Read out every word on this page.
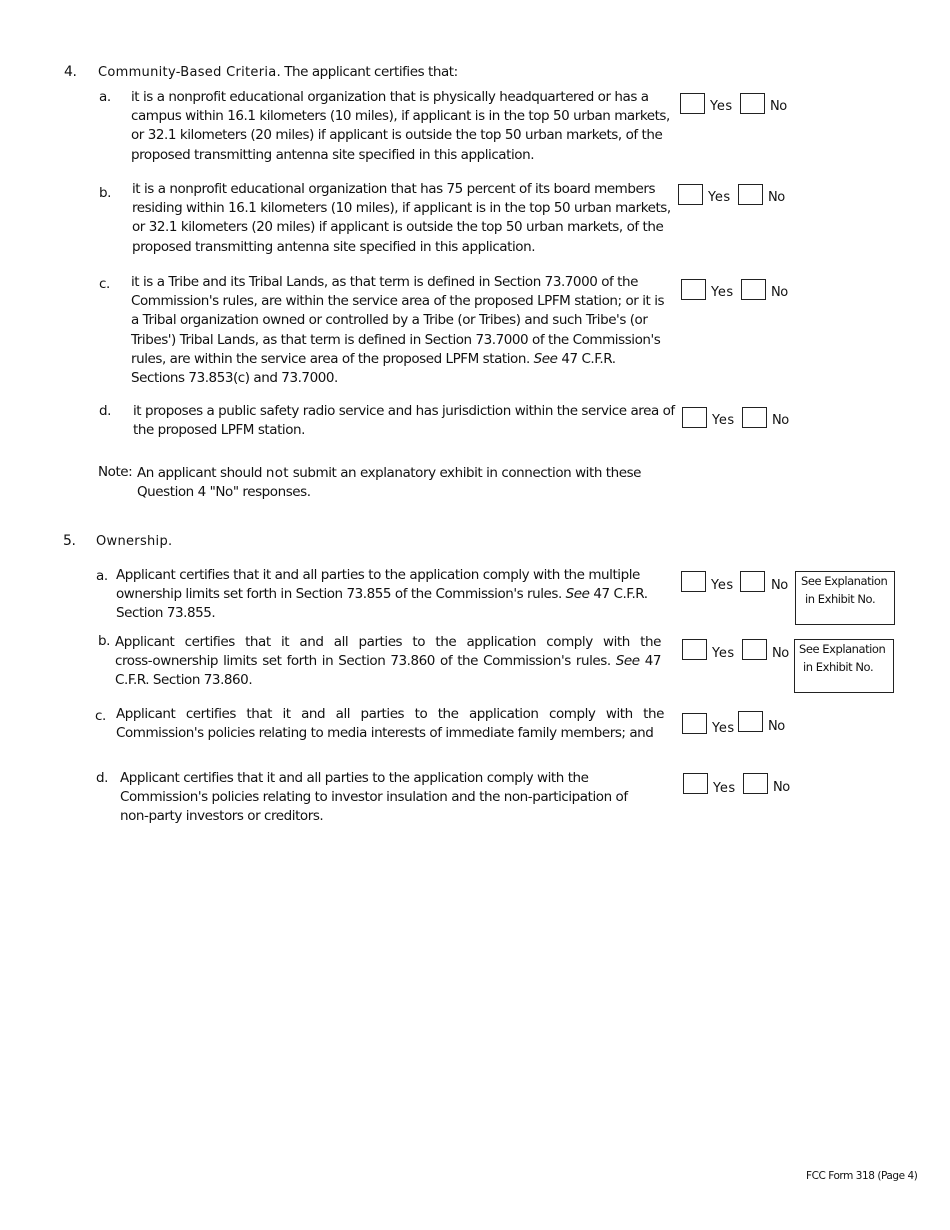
4. Community-Based Criteria. The applicant certifies that:
a. it is a nonprofit educational organization that is physically headquartered or has a
campus within 16.1 kilometers (10 miles), if applicant is in the top 50 urban markets,
or 32.1 kilometers (20 miles) if applicant is outside the top 50 urban markets, of the
proposed transmitting antenna site specified in this application.
Yes	No
b. it is a nonprofit educational organization that has 75 percent of its board members
residing within 16.1 kilometers (10 miles), if applicant is in the top 50 urban markets,
or 32.1 kilometers (20 miles) if applicant is outside the top 50 urban markets, of the
proposed transmitting antenna site specified in this application.
Yes	No
c. it is a Tribe and its Tribal Lands, as that term is defined in Section 73.7000 of the
Commission's rules, are within the service area of the proposed LPFM station; or it is
a Tribal organization owned or controlled by a Tribe (or Tribes) and such Tribe's (or
Tribes') Tribal Lands, as that term is defined in Section 73.7000 of the Commission's
rules, are within the service area of the proposed LPFM station. See 47 C.F.R.
Sections 73.853(c) and 73.7000.
Yes	No
d. it proposes a public safety radio service and has jurisdiction within the service area of
the proposed LPFM station.
Yes	No
Note: An applicant should not submit an explanatory exhibit in connection with these
Question 4 "No" responses.
5. Ownership.
a. Applicant certifies that it and all parties to the application comply with the multiple
ownership limits set forth in Section 73.855 of the Commission's rules. See 47 C.F.R.
Section 73.855.
Yes	No	See Explanation
in Exhibit No.
b. Applicant certifies that it and all parties to the application comply with the
cross-ownership limits set forth in Section 73.860 of the Commission's rules. See 47
C.F.R. Section 73.860.
Yes	No See Explanation
in Exhibit No.
c. Applicant certifies that it and all parties to the application comply with the
Commission's policies relating to media interests of immediate family members; and	Yes	No
d. Applicant certifies that it and all parties to the application comply with the
Commission's policies relating to investor insulation and the non-participation of
non-party investors or creditors.
Yes	No
FCC Form 318 (Page 4)
